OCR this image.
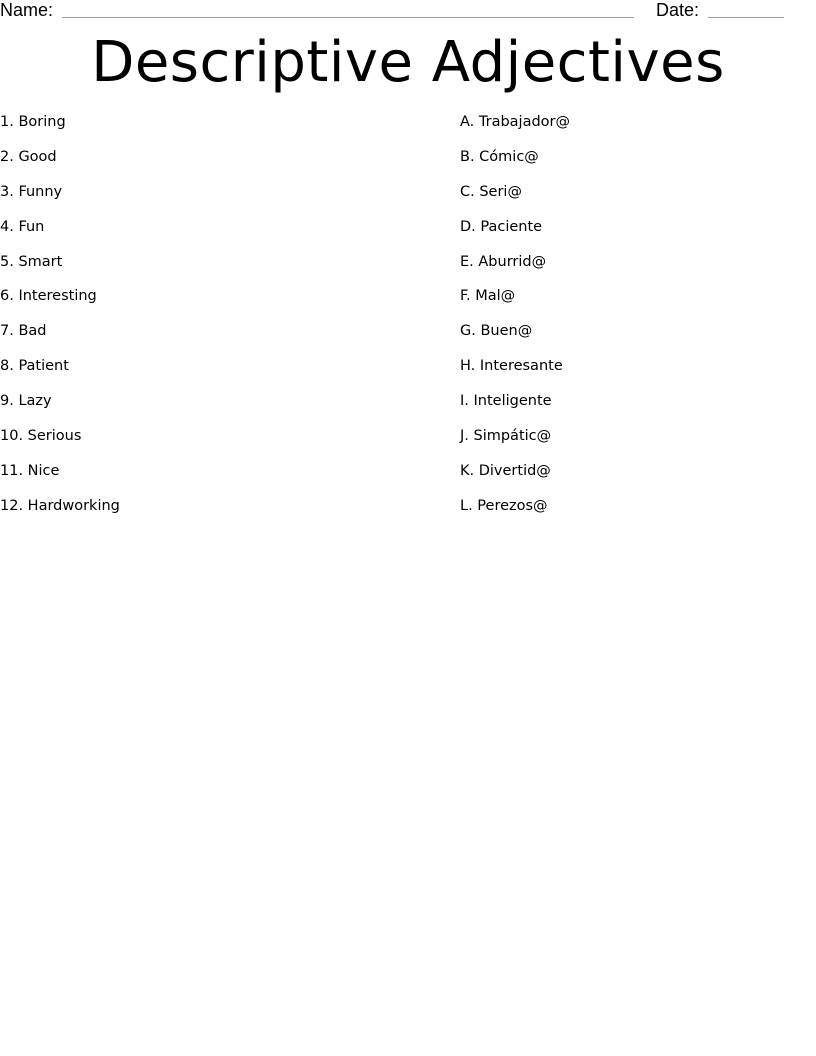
Name:	Date:
Descriptive Adjectives
1. Boring
2. Good
3. Funny
4. Fun
5. Smart
6. Interesting
7. Bad
8. Patient
9. Lazy
10. Serious
11. Nice
12. Hardworking
A. Trabajador@
B. Cómic@
C. Seri@
D. Paciente
E. Aburrid@
F. Mal@
G. Buen@
H. Interesante
I. Inteligente
J. Simpátic@
K. Divertid@
L. Perezos@
